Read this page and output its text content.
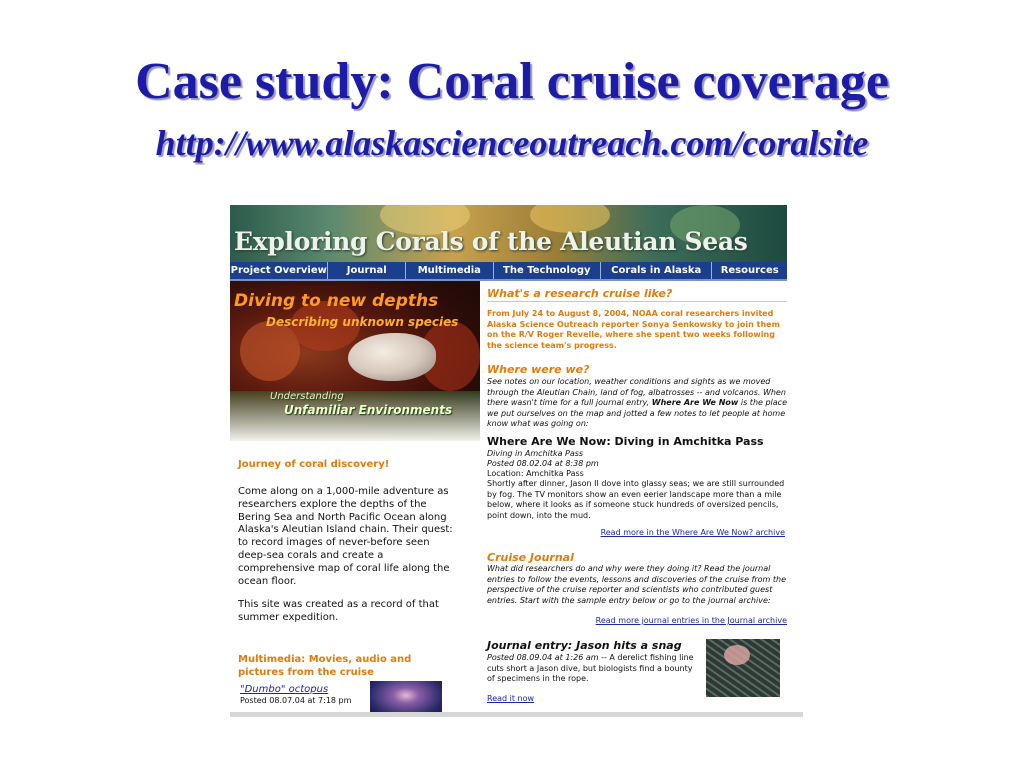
Case study: Coral cruise coverage
http://www.alaskascienceoutreach.com/coralsite
Exploring Corals of the Aleutian Seas
Project Overview	Journal	Multimedia	The Technology	Corals in Alaska	Resources
Diving to new depths
Describing unknown species
Understanding
Unfamiliar Environments
Journey of coral discovery!
Come along on a 1,000-mile adventure as researchers explore the depths of the Bering Sea and North Pacific Ocean along Alaska's Aleutian Island chain. Their quest: to record images of never-before seen deep-sea corals and create a comprehensive map of coral life along the ocean floor.
This site was created as a record of that summer expedition.
Multimedia: Movies, audio and pictures from the cruise
"Dumbo" octopus
Posted 08.07.04 at 7:18 pm
What's a research cruise like?
From July 24 to August 8, 2004, NOAA coral researchers invited Alaska Science Outreach reporter Sonya Senkowsky to join them on the R/V Roger Revelle, where she spent two weeks following the science team's progress.
Where were we?
See notes on our location, weather conditions and sights as we moved through the Aleutian Chain, land of fog, albatrosses -- and volcanos. When there wasn't time for a full journal entry, Where Are We Now is the place we put ourselves on the map and jotted a few notes to let people at home know what was going on:
Where Are We Now: Diving in Amchitka Pass
Diving in Amchitka Pass
Posted 08.02.04 at 8:38 pm
Location: Amchitka Pass
Shortly after dinner, Jason II dove into glassy seas; we are still surrounded by fog. The TV monitors show an even eerier landscape more than a mile below, where it looks as if someone stuck hundreds of oversized pencils, point down, into the mud.
Read more in the Where Are We Now? archive
Cruise Journal
What did researchers do and why were they doing it? Read the journal entries to follow the events, lessons and discoveries of the cruise from the perspective of the cruise reporter and scientists who contributed guest entries. Start with the sample entry below or go to the journal archive:
Read more journal entries in the Journal archive
Journal entry: Jason hits a snag
Posted 08.09.04 at 1:26 am -- A derelict fishing line cuts short a Jason dive, but biologists find a bounty of specimens in the rope.
Read it now
